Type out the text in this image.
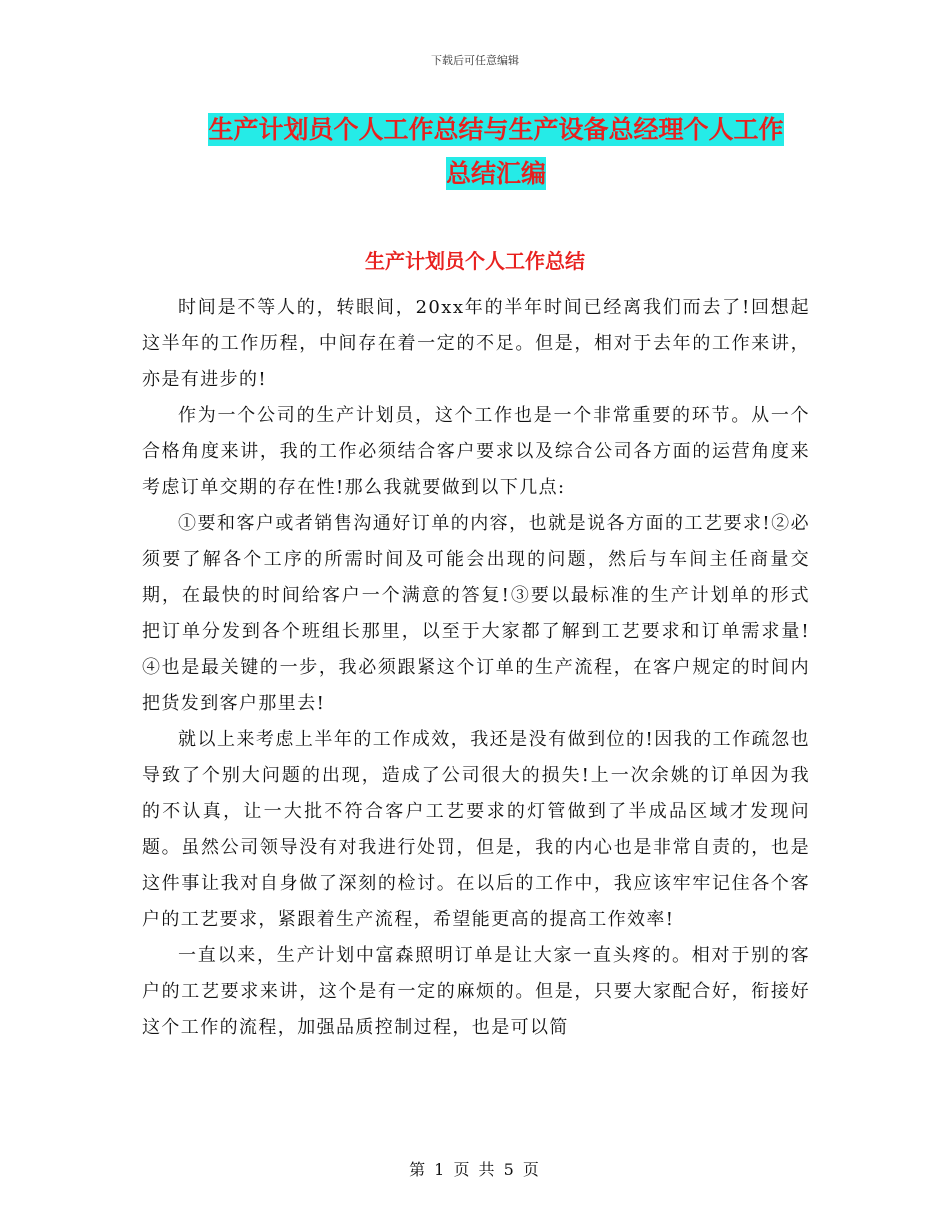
下载后可任意编辑
生产计划员个人工作总结与生产设备总经理个人工作
总结汇编
生产计划员个人工作总结

时间是不等人的，转眼间，20xx年的半年时间已经离我们而去了!回想起这半年的工作历程，中间存在着一定的不足。但是，相对于去年的工作来讲，亦是有进步的!

作为一个公司的生产计划员，这个工作也是一个非常重要的环节。从一个合格角度来讲，我的工作必须结合客户要求以及综合公司各方面的运营角度来考虑订单交期的存在性!那么我就要做到以下几点:

①要和客户或者销售沟通好订单的内容，也就是说各方面的工艺要求!②必须要了解各个工序的所需时间及可能会出现的问题，然后与车间主任商量交期，在最快的时间给客户一个满意的答复!③要以最标准的生产计划单的形式把订单分发到各个班组长那里，以至于大家都了解到工艺要求和订单需求量!④也是最关键的一步，我必须跟紧这个订单的生产流程，在客户规定的时间内把货发到客户那里去!

就以上来考虑上半年的工作成效，我还是没有做到位的!因我的工作疏忽也导致了个别大问题的出现，造成了公司很大的损失!上一次余姚的订单因为我的不认真，让一大批不符合客户工艺要求的灯管做到了半成品区域才发现问题。虽然公司领导没有对我进行处罚，但是，我的内心也是非常自责的，也是这件事让我对自身做了深刻的检讨。在以后的工作中，我应该牢牢记住各个客户的工艺要求，紧跟着生产流程，希望能更高的提高工作效率!

一直以来，生产计划中富森照明订单是让大家一直头疼的。相对于别的客户的工艺要求来讲，这个是有一定的麻烦的。但是，只要大家配合好，衔接好这个工作的流程，加强品质控制过程，也是可以简

第 1 页 共 5 页
